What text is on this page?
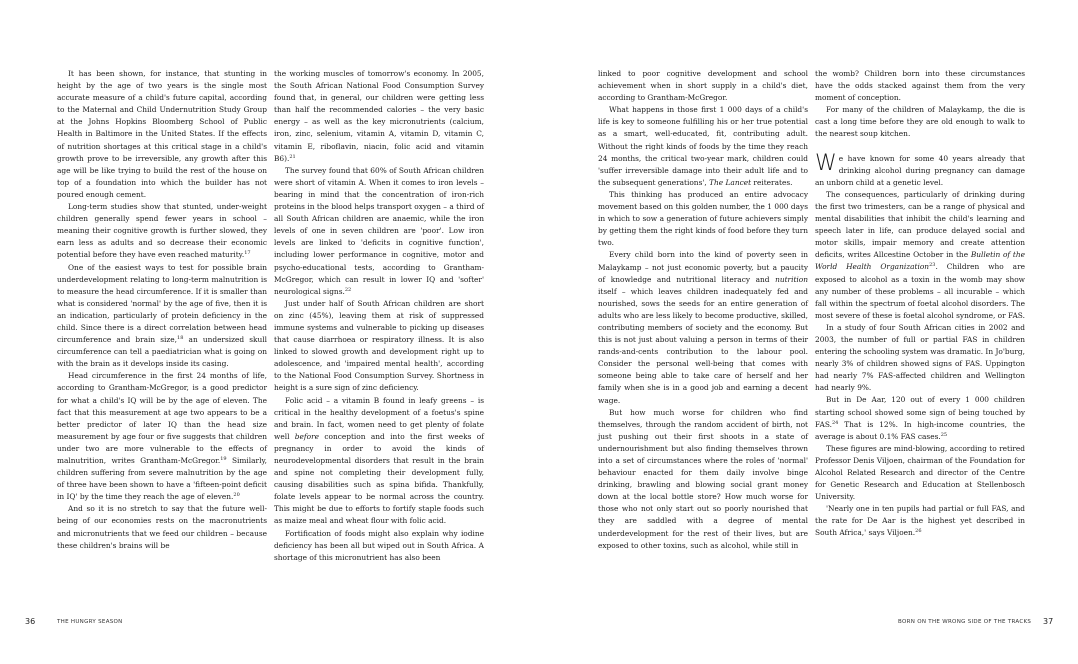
It has been shown, for instance, that stunting in height by the age of two years is the single most accurate measure of a child's future capital, according to the Maternal and Child Undernutrition Study Group at the Johns Hopkins Bloomberg School of Public Health in Baltimore in the United States. If the effects of nutrition shortages at this critical stage in a child's growth prove to be irreversible, any growth after this age will be like trying to build the rest of the house on top of a foundation into which the builder has not poured enough cement.

Long-term studies show that stunted, under-weight children generally spend fewer years in school – meaning their cognitive growth is further slowed, they earn less as adults and so decrease their economic potential before they have even reached maturity.$^{17}$

One of the easiest ways to test for possible brain underdevelopment relating to long-term malnutrition is to measure the head circumference. If it is smaller than what is considered 'normal' by the age of five, then it is an indication, particularly of protein deficiency in the child. Since there is a direct correlation between head circumference and brain size,$^{18}$ an undersized skull circumference can tell a paediatrician what is going on with the brain as it develops inside its casing.

Head circumference in the first 24 months of life, according to Grantham-McGregor, is a good predictor for what a child's IQ will be by the age of eleven. The fact that this measurement at age two appears to be a better predictor of later IQ than the head size measurement by age four or five suggests that children under two are more vulnerable to the effects of malnutrition, writes Grantham-McGregor.$^{19}$ Similarly, children suffering from severe malnutrition by the age of three have been shown to have a 'fifteen-point deficit in IQ' by the time they reach the age of eleven.$^{20}$

And so it is no stretch to say that the future well-being of our economies rests on the macronutrients and micronutrients that we feed our children – because these children's brains will be

the working muscles of tomorrow's economy. In 2005, the South African National Food Consumption Survey found that, in general, our children were getting less than half the recommended calories – the very basic energy – as well as the key micronutrients (calcium, iron, zinc, selenium, vitamin A, vitamin D, vitamin C, vitamin E, riboflavin, niacin, folic acid and vitamin B6).$^{21}$

The survey found that 60% of South African children were short of vitamin A. When it comes to iron levels – bearing in mind that the concentration of iron-rich proteins in the blood helps transport oxygen – a third of all South African children are anaemic, while the iron levels of one in seven children are 'poor'. Low iron levels are linked to 'deficits in cognitive function', including lower performance in cognitive, motor and psycho-educational tests, according to Grantham-McGregor, which can result in lower IQ and 'softer' neurological signs.$^{22}$

Just under half of South African children are short on zinc (45%), leaving them at risk of suppressed immune systems and vulnerable to picking up diseases that cause diarrhoea or respiratory illness. It is also linked to slowed growth and development right up to adolescence, and 'impaired mental health', according to the National Food Consumption Survey. Shortness in height is a sure sign of zinc deficiency.

Folic acid – a vitamin B found in leafy greens – is critical in the healthy development of a foetus's spine and brain. In fact, women need to get plenty of folate well before conception and into the first weeks of pregnancy in order to avoid the kinds of neurodevelopmental disorders that result in the brain and spine not completing their development fully, causing disabilities such as spina bifida. Thankfully, folate levels appear to be normal across the country. This might be due to efforts to fortify staple foods such as maize meal and wheat flour with folic acid.

Fortification of foods might also explain why iodine deficiency has been all but wiped out in South Africa. A shortage of this micronutrient has also been

linked to poor cognitive development and school achievement when in short supply in a child's diet, according to Grantham-McGregor.

What happens in those first 1 000 days of a child's life is key to someone fulfilling his or her true potential as a smart, well-educated, fit, contributing adult. Without the right kinds of foods by the time they reach 24 months, the critical two-year mark, children could 'suffer irreversible damage into their adult life and to the subsequent generations', The Lancet reiterates.

This thinking has produced an entire advocacy movement based on this golden number, the 1 000 days in which to sow a generation of future achievers simply by getting them the right kinds of food before they turn two.

Every child born into the kind of poverty seen in Malaykamp – not just economic poverty, but a paucity of knowledge and nutritional literacy and nutrition itself – which leaves children inadequately fed and nourished, sows the seeds for an entire generation of adults who are less likely to become productive, skilled, contributing members of society and the economy. But this is not just about valuing a person in terms of their rands-and-cents contribution to the labour pool. Consider the personal well-being that comes with someone being able to take care of herself and her family when she is in a good job and earning a decent wage.

But how much worse for children who find themselves, through the random accident of birth, not just pushing out their first shoots in a state of undernourishment but also finding themselves thrown into a set of circumstances where the roles of 'normal' behaviour enacted for them daily involve binge drinking, brawling and blowing social grant money down at the local bottle store? How much worse for those who not only start out so poorly nourished that they are saddled with a degree of mental underdevelopment for the rest of their lives, but are exposed to other toxins, such as alcohol, while still in

the womb? Children born into these circumstances have the odds stacked against them from the very moment of conception.

For many of the children of Malaykamp, the die is cast a long time before they are old enough to walk to the nearest soup kitchen.

We have known for some 40 years already that drinking alcohol during pregnancy can damage an unborn child at a genetic level.

The consequences, particularly of drinking during the first two trimesters, can be a range of physical and mental disabilities that inhibit the child's learning and speech later in life, can produce delayed social and motor skills, impair memory and create attention deficits, writes Allcestine October in the Bulletin of the World Health Organization$^{23}$. Children who are exposed to alcohol as a toxin in the womb may show any number of these problems – all incurable – which fall within the spectrum of foetal alcohol disorders. The most severe of these is foetal alcohol syndrome, or FAS.

In a study of four South African cities in 2002 and 2003, the number of full or partial FAS in children entering the schooling system was dramatic. In Jo'burg, nearly 3% of children showed signs of FAS. Uppington had nearly 7% FAS-affected children and Wellington had nearly 9%.

But in De Aar, 120 out of every 1 000 children starting school showed some sign of being touched by FAS.$^{24}$ That is 12%. In high-income countries, the average is about 0.1% FAS cases.$^{25}$

These figures are mind-blowing, according to retired Professor Denis Viljoen, chairman of the Foundation for Alcohol Related Research and director of the Centre for Genetic Research and Education at Stellenbosch University.

'Nearly one in ten pupils had partial or full FAS, and the rate for De Aar is the highest yet described in South Africa,' says Viljoen.$^{26}$

36	THE HUNGRY SEASON	BORN ON THE WRONG SIDE OF THE TRACKS 37
